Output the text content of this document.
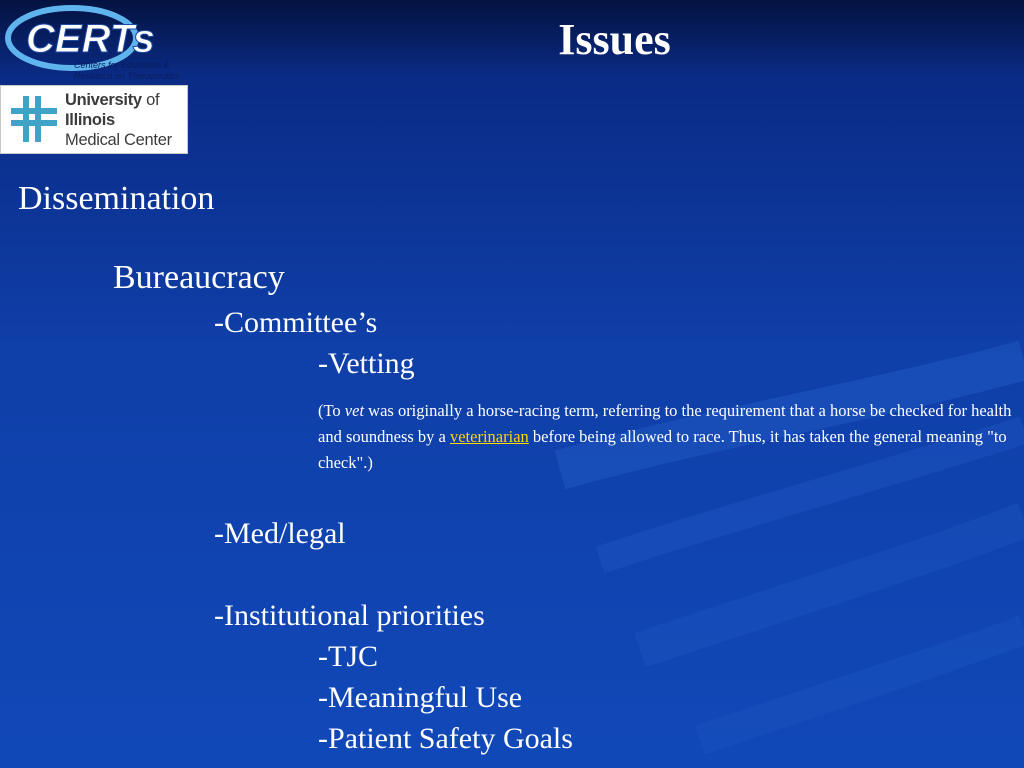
CERTs
Centers for Education &
Research on Therapeutics
University of
Illinois
Medical Center
Issues
Dissemination
Bureaucracy
-Committee’s
-Vetting
(To vet was originally a horse-racing term, referring to the requirement that a horse be checked for health and soundness by a veterinarian before being allowed to race. Thus, it has taken the general meaning "to check".)
-Med/legal
-Institutional priorities
-TJC
-Meaningful Use
-Patient Safety Goals
